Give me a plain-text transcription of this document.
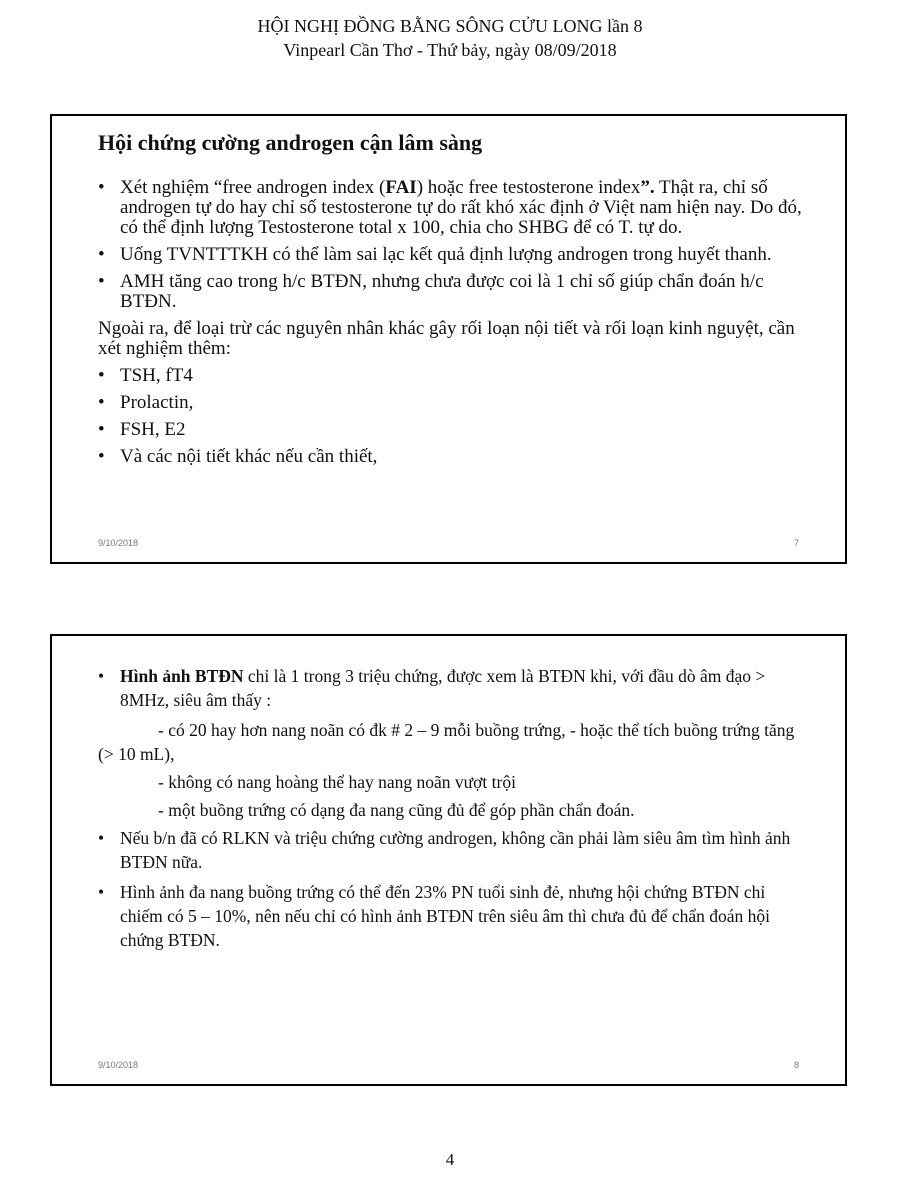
HỘI NGHỊ ĐỒNG BẰNG SÔNG CỬU LONG lần 8
Vinpearl Cần Thơ - Thứ bảy, ngày 08/09/2018
Hội chứng cường androgen cận lâm sàng
• Xét nghiệm “free androgen index (FAI) hoặc free testosterone index”. Thật ra, chỉ số androgen tự do hay chỉ số testosterone tự do rất khó xác định ở Việt nam hiện nay. Do đó, có thể định lượng Testosterone total x 100, chia cho SHBG để có T. tự do.
• Uống TVNTTTKH có thể làm sai lạc kết quả định lượng androgen trong huyết thanh.
• AMH tăng cao trong h/c BTĐN, nhưng chưa được coi là 1 chỉ số giúp chẩn đoán h/c BTĐN.
Ngoài ra, để loại trừ các nguyên nhân khác gây rối loạn nội tiết và rối loạn kinh nguyệt, cần xét nghiệm thêm:
• TSH, fT4
• Prolactin,
• FSH, E2
• Và các nội tiết khác nếu cần thiết,
9/10/2018	7
• Hình ảnh BTĐN chỉ là 1 trong 3 triệu chứng, được xem là BTĐN khi, với đầu dò âm đạo > 8MHz, siêu âm thấy :
- có 20 hay hơn nang noãn có đk # 2 – 9 mỗi buồng trứng, - hoặc thể tích buồng trứng tăng (> 10 mL),
- không có nang hoàng thể hay nang noãn vượt trội
- một buồng trứng có dạng đa nang cũng đủ để góp phần chẩn đoán.
• Nếu b/n đã có RLKN và triệu chứng cường androgen, không cần phải làm siêu âm tìm hình ảnh BTĐN nữa.
• Hình ảnh đa nang buồng trứng có thể đến 23% PN tuổi sinh đẻ, nhưng hội chứng BTĐN chỉ chiếm có 5 – 10%, nên nếu chỉ có hình ảnh BTĐN trên siêu âm thì chưa đủ để chẩn đoán hội chứng BTĐN.
9/10/2018	8
4
